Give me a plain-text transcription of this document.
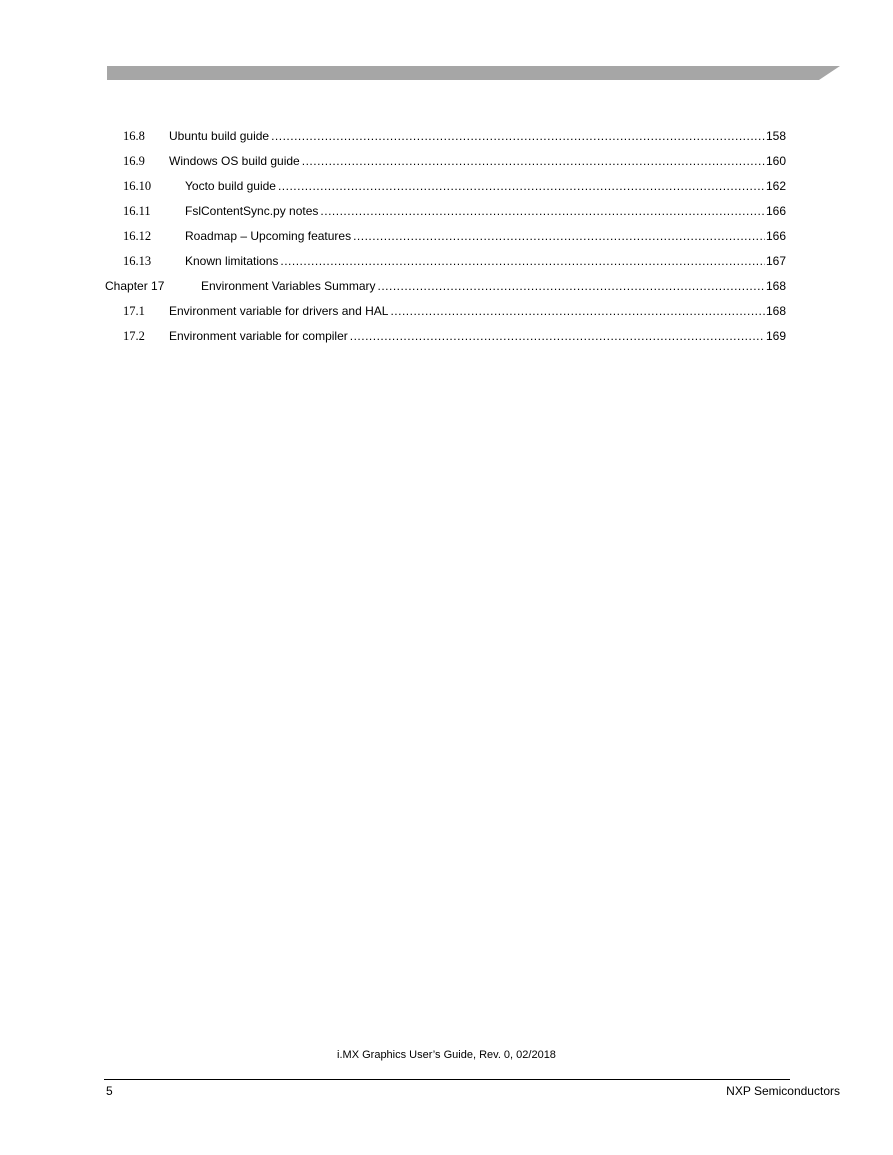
16.8 Ubuntu build guide .....	158
16.9 Windows OS build guide .....	160
16.10	Yocto build guide .....	162
16.11	FslContentSync.py notes .....	166
16.12	Roadmap – Upcoming features .....	166
16.13	Known limitations .....	167
Chapter 17	Environment Variables Summary .....	168
17.1 Environment variable for drivers and HAL .....	168
17.2 Environment variable for compiler .....	169
i.MX Graphics User’s Guide, Rev. 0, 02/2018
5	NXP Semiconductors
